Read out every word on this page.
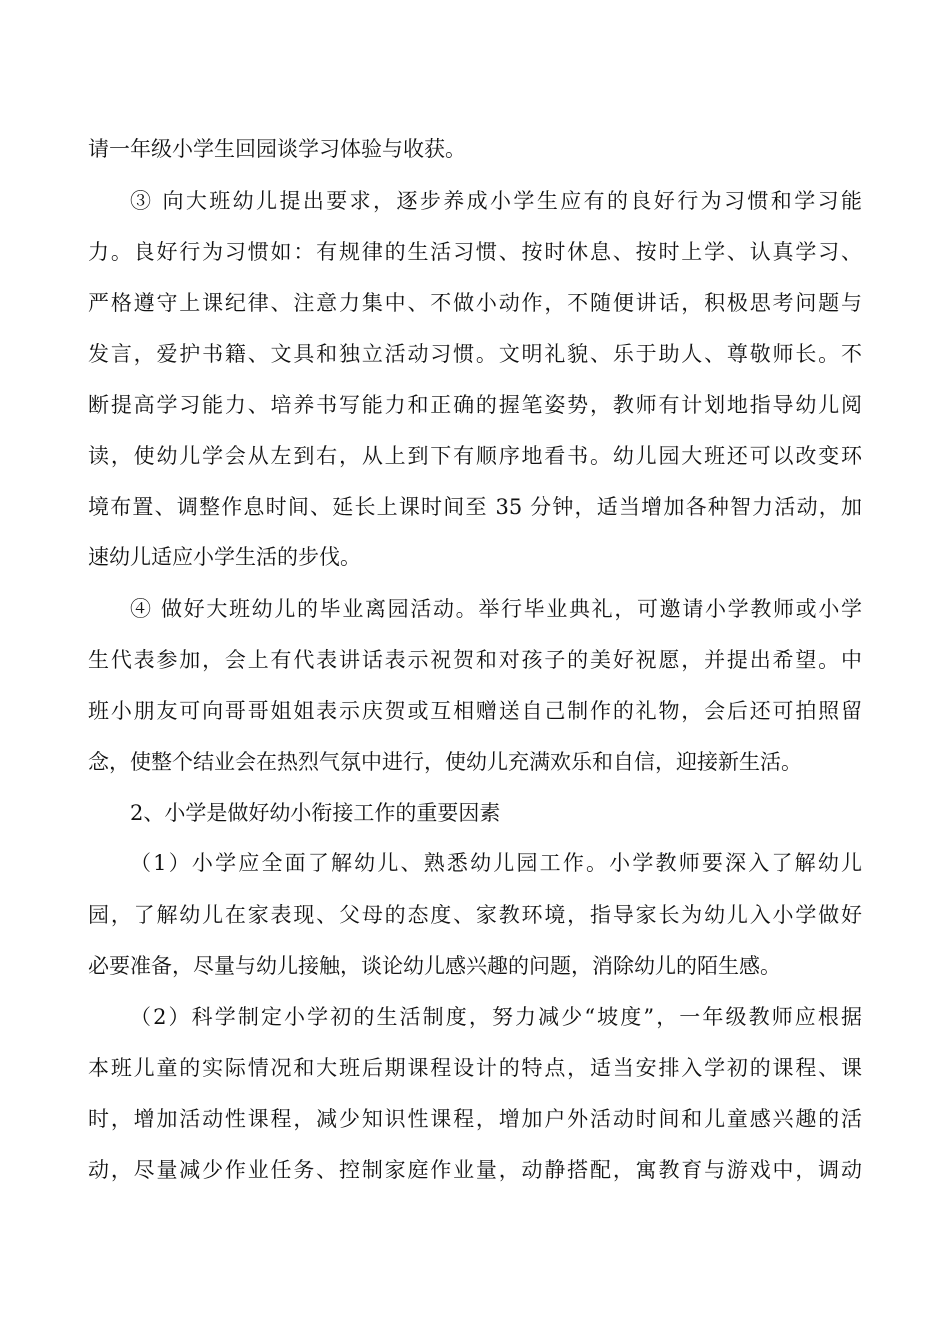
请一年级小学生回园谈学习体验与收获。
③ 向大班幼儿提出要求，逐步养成小学生应有的良好行为习惯和学习能
力。良好行为习惯如：有规律的生活习惯、按时休息、按时上学、认真学习、
严格遵守上课纪律、注意力集中、不做小动作，不随便讲话，积极思考问题与
发言，爱护书籍、文具和独立活动习惯。文明礼貌、乐于助人、尊敬师长。不
断提高学习能力、培养书写能力和正确的握笔姿势，教师有计划地指导幼儿阅
读，使幼儿学会从左到右，从上到下有顺序地看书。幼儿园大班还可以改变环
境布置、调整作息时间、延长上课时间至 35 分钟，适当增加各种智力活动，加
速幼儿适应小学生活的步伐。
④ 做好大班幼儿的毕业离园活动。举行毕业典礼，可邀请小学教师或小学
生代表参加，会上有代表讲话表示祝贺和对孩子的美好祝愿，并提出希望。中
班小朋友可向哥哥姐姐表示庆贺或互相赠送自己制作的礼物，会后还可拍照留
念，使整个结业会在热烈气氛中进行，使幼儿充满欢乐和自信，迎接新生活。
2、小学是做好幼小衔接工作的重要因素
（1）小学应全面了解幼儿、熟悉幼儿园工作。小学教师要深入了解幼儿
园，了解幼儿在家表现、父母的态度、家教环境，指导家长为幼儿入小学做好
必要准备，尽量与幼儿接触，谈论幼儿感兴趣的问题，消除幼儿的陌生感。
（2）科学制定小学初的生活制度，努力减少“坡度”，一年级教师应根据
本班儿童的实际情况和大班后期课程设计的特点，适当安排入学初的课程、课
时，增加活动性课程，减少知识性课程，增加户外活动时间和儿童感兴趣的活
动，尽量减少作业任务、控制家庭作业量，动静搭配，寓教育与游戏中，调动
